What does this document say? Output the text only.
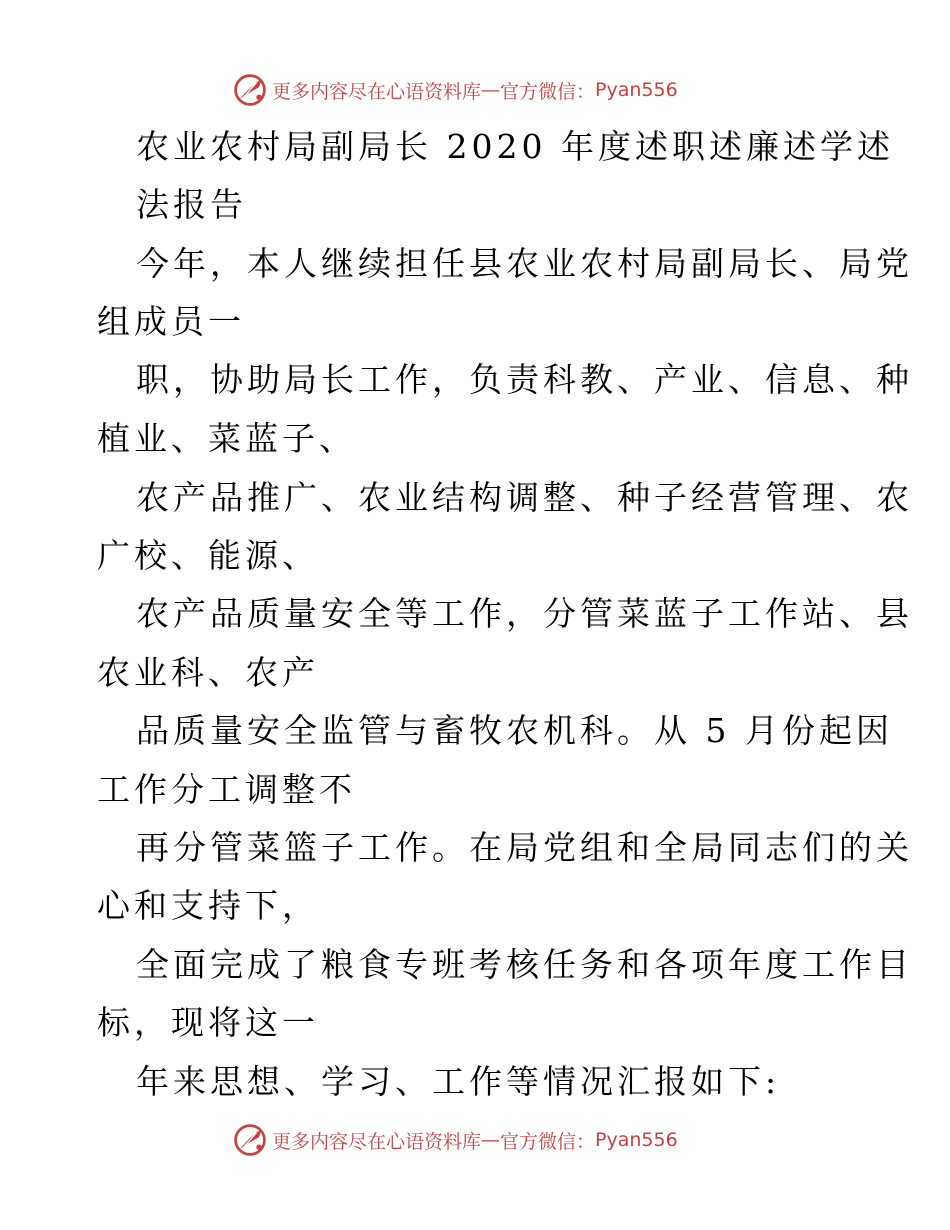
更多内容尽在心语资料库 — 官方微信： Pyan556
农业农村局副局长 2020 年度述职述廉述学述
法报告
今年，本人继续担任县农业农村局副局长、局党
组成员一
职，协助局长工作，负责科教、产业、信息、种
植业、菜蓝子、
农产品推广、农业结构调整、种子经营管理、农
广校、能源、
农产品质量安全等工作，分管菜蓝子工作站、县
农业科、农产
品质量安全监管与畜牧农机科。从 5 月份起因
工作分工调整不
再分管菜篮子工作。在局党组和全局同志们的关
心和支持下，
全面完成了粮食专班考核任务和各项年度工作目
标，现将这一
年来思想、学习、工作等情况汇报如下:
更多内容尽在心语资料库 — 官方微信： Pyan556
